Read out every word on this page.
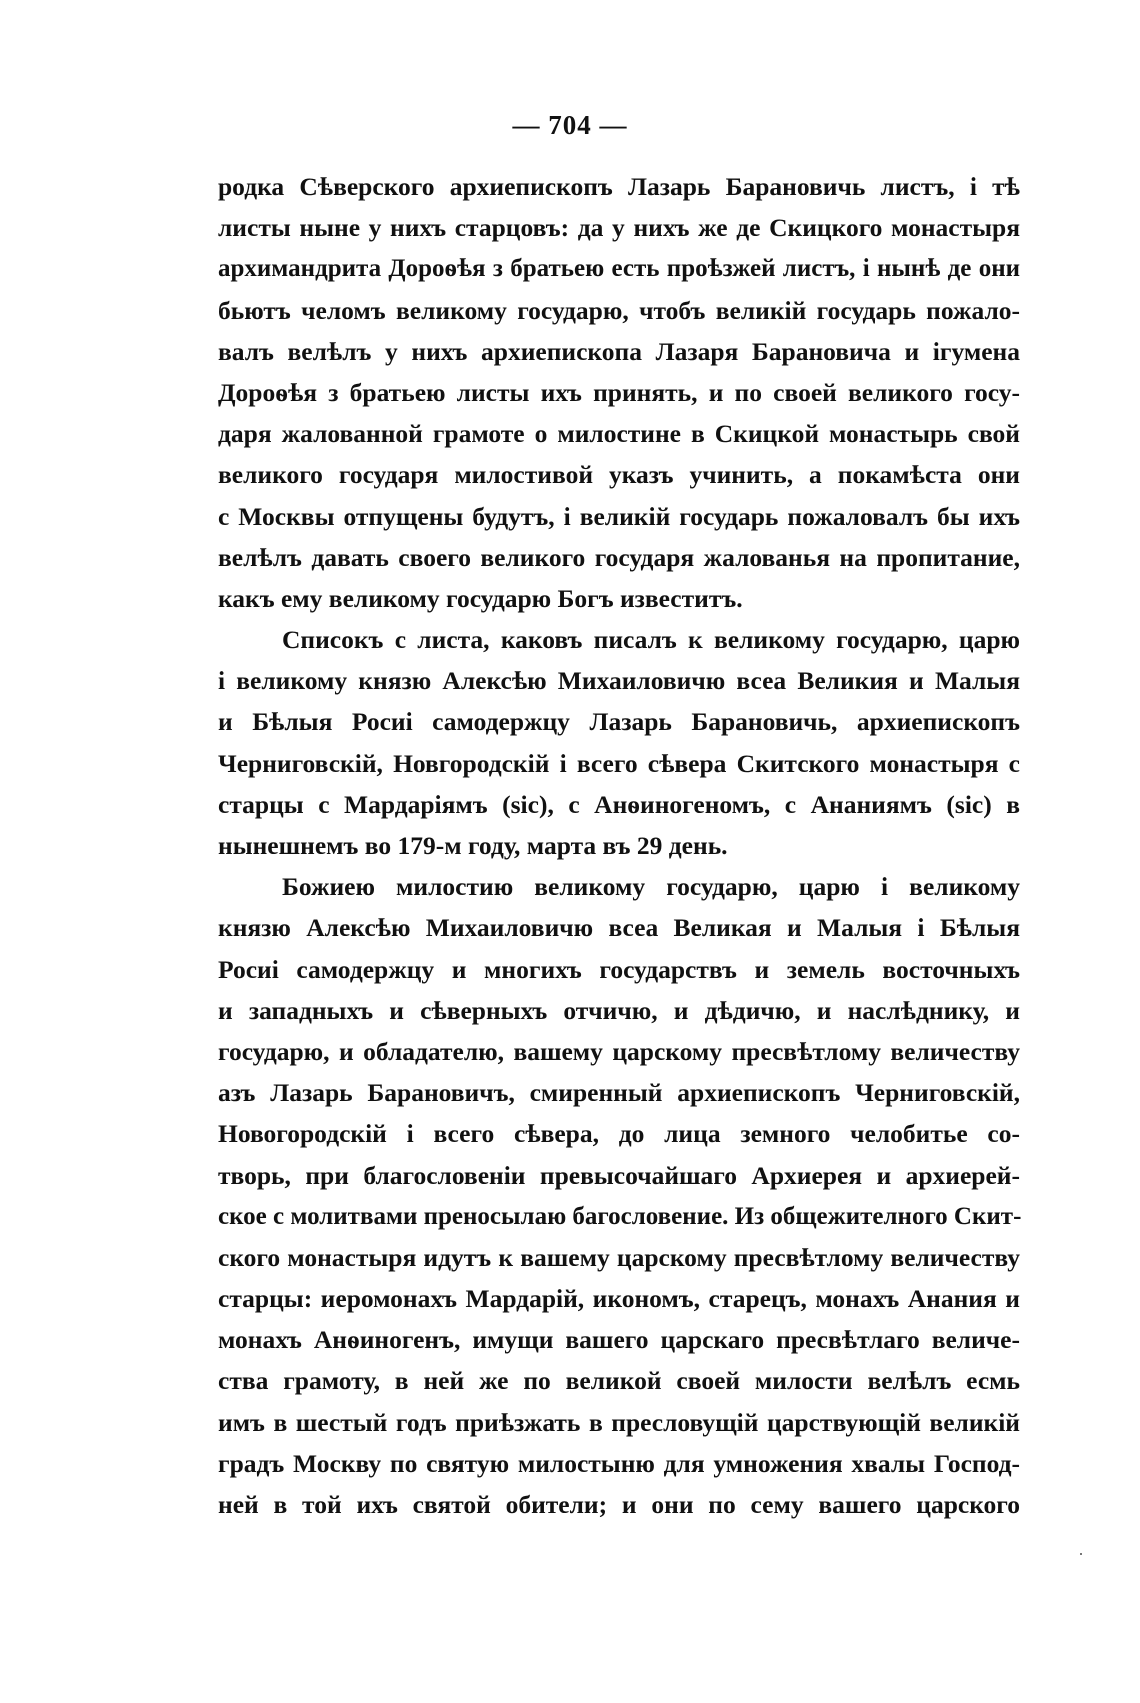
— 704 —
родка Сѣверского архиепископъ Лазарь Барановичь листъ, і тѣ
листы ныне у нихъ старцовъ: да у нихъ же де Скицкого монастыря
архимандрита Дороѳѣя з братьею есть проѣзжей листъ, і нынѣ де они
бьютъ челомъ великому государю, чтобъ великій государь пожало-
валъ велѣлъ у нихъ архиепископа Лазаря Барановича и ігумена
Дороѳѣя з братьею листы ихъ принять, и по своей великого госу-
даря жалованной грамоте о милостине в Скицкой монастырь свой
великого государя милостивой указъ учинить, а покамѣста они
с Москвы отпущены будутъ, і великій государь пожаловалъ бы ихъ
велѣлъ давать своего великого государя жалованья на пропитание,
какъ ему великому государю Богъ известитъ.
Списокъ с листа, каковъ писалъ к великому государю, царю
і великому князю Алексѣю Михаиловичю всеа Великия и Малыя
и Бѣлыя Росиі самодержцу Лазарь Барановичь, архиепископъ
Черниговскій, Новгородскій і всего сѣвера Скитского монастыря с
старцы с Мардаріямъ (sic), с Анѳиногеномъ, с Ананиямъ (sic) в
нынешнемъ во 179-м году, марта въ 29 день.
Божиею милостию великому государю, царю і великому
князю Алексѣю Михаиловичю всеа Великая и Малыя і Бѣлыя
Росиі самодержцу и многихъ государствъ и земель восточныхъ
и западныхъ и сѣверныхъ отчичю, и дѣдичю, и наслѣднику, и
государю, и обладателю, вашему царскому пресвѣтлому величеству
азъ Лазарь Барановичъ, смиренный архиепископъ Черниговскій,
Новогородскій і всего сѣвера, до лица земного челобитье со-
творь, при благословеніи превысочайшаго Архиерея и архиерей-
ское с молитвами преносылаю багословение. Из общежителного Скит-
ского монастыря идутъ к вашему царскому пресвѣтлому величеству
старцы: иеромонахъ Мардарій, икономъ, старецъ, монахъ Анания и
монахъ Анѳиногенъ, имущи вашего царскаго пресвѣтлаго величе-
ства грамоту, в ней же по великой своей милости велѣлъ есмь
имъ в шестый годъ приѣзжать в пресловущій царствующій великій
градъ Москву по святую милостыню для умножения хвалы Господ-
ней в той ихъ святой обители; и они по сему вашего царского
